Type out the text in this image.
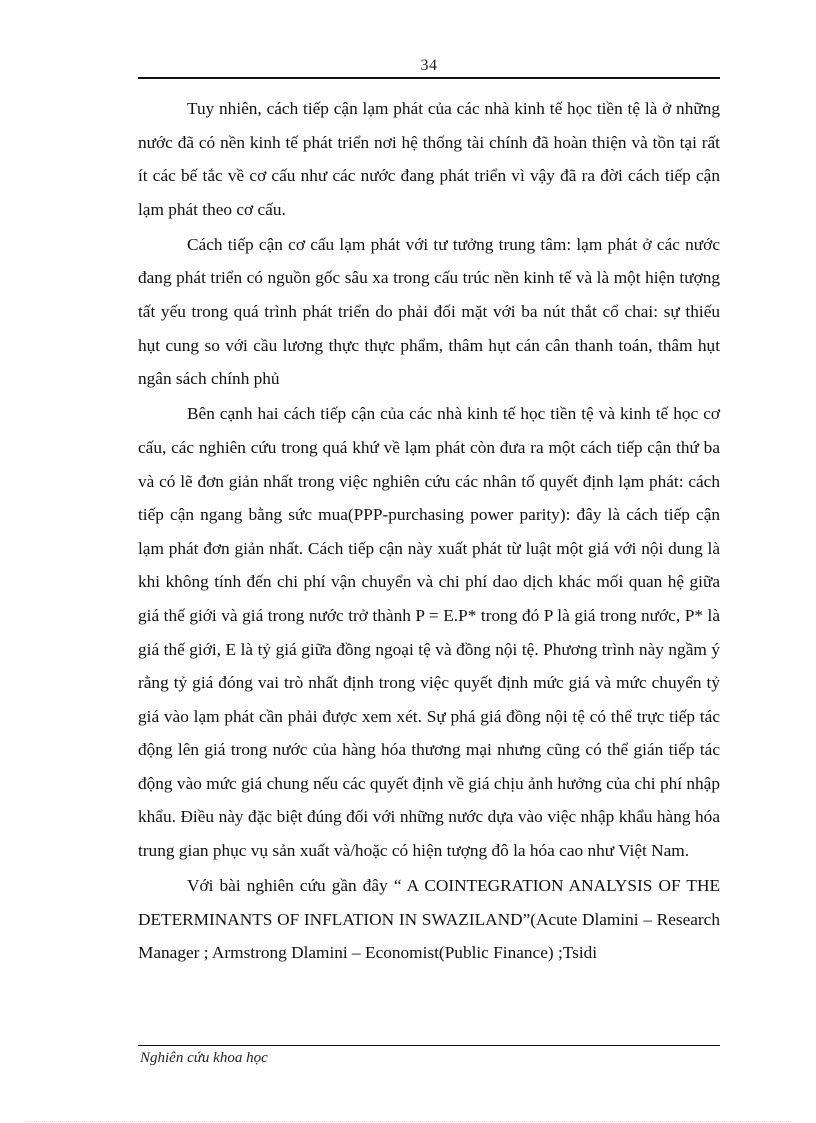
34

Tuy nhiên, cách tiếp cận lạm phát của các nhà kinh tế học tiền tệ là ở những nước đã có nền kinh tế phát triển nơi hệ thống tài chính đã hoàn thiện và tồn tại rất ít các bế tắc về cơ cấu như các nước đang phát triển vì vậy đã ra đời cách tiếp cận lạm phát theo cơ cấu.

Cách tiếp cận cơ cấu lạm phát với tư tưởng trung tâm: lạm phát ở các nước đang phát triển có nguồn gốc sâu xa trong cấu trúc nền kinh tế và là một hiện tượng tất yếu trong quá trình phát triển do phải đối mặt với ba nút thắt cổ chai: sự thiếu hụt cung so với cầu lương thực thực phẩm, thâm hụt cán cân thanh toán, thâm hụt ngân sách chính phủ

Bên cạnh hai cách tiếp cận của các nhà kinh tế học tiền tệ và kinh tế học cơ cấu, các nghiên cứu trong quá khứ về lạm phát còn đưa ra một cách tiếp cận thứ ba và có lẽ đơn giản nhất trong việc nghiên cứu các nhân tố quyết định lạm phát: cách tiếp cận ngang bằng sức mua(PPP-purchasing power parity): đây là cách tiếp cận lạm phát đơn giản nhất. Cách tiếp cận này xuất phát từ luật một giá với nội dung là khi không tính đến chi phí vận chuyển và chi phí dao dịch khác mối quan hệ giữa giá thế giới và giá trong nước trở thành P = E.P* trong đó P là giá trong nước, P* là giá thế giới, E là tỷ giá giữa đồng ngoại tệ và đồng nội tệ. Phương trình này ngầm ý rằng tỷ giá đóng vai trò nhất định trong việc quyết định mức giá và mức chuyển tỷ giá vào lạm phát cần phải được xem xét. Sự phá giá đồng nội tệ có thể trực tiếp tác động lên giá trong nước của hàng hóa thương mại nhưng cũng có thể gián tiếp tác động vào mức giá chung nếu các quyết định về giá chịu ảnh hưởng của chi phí nhập khẩu. Điều này đặc biệt đúng đối với những nước dựa vào việc nhập khẩu hàng hóa trung gian phục vụ sản xuất và/hoặc có hiện tượng đô la hóa cao như Việt Nam.

Với bài nghiên cứu gần đây “ A COINTEGRATION ANALYSIS OF THE DETERMINANTS OF INFLATION IN SWAZILAND”(Acute Dlamini – Research Manager ; Armstrong Dlamini – Economist(Public Finance) ;Tsidi

Nghiên cứu khoa học
